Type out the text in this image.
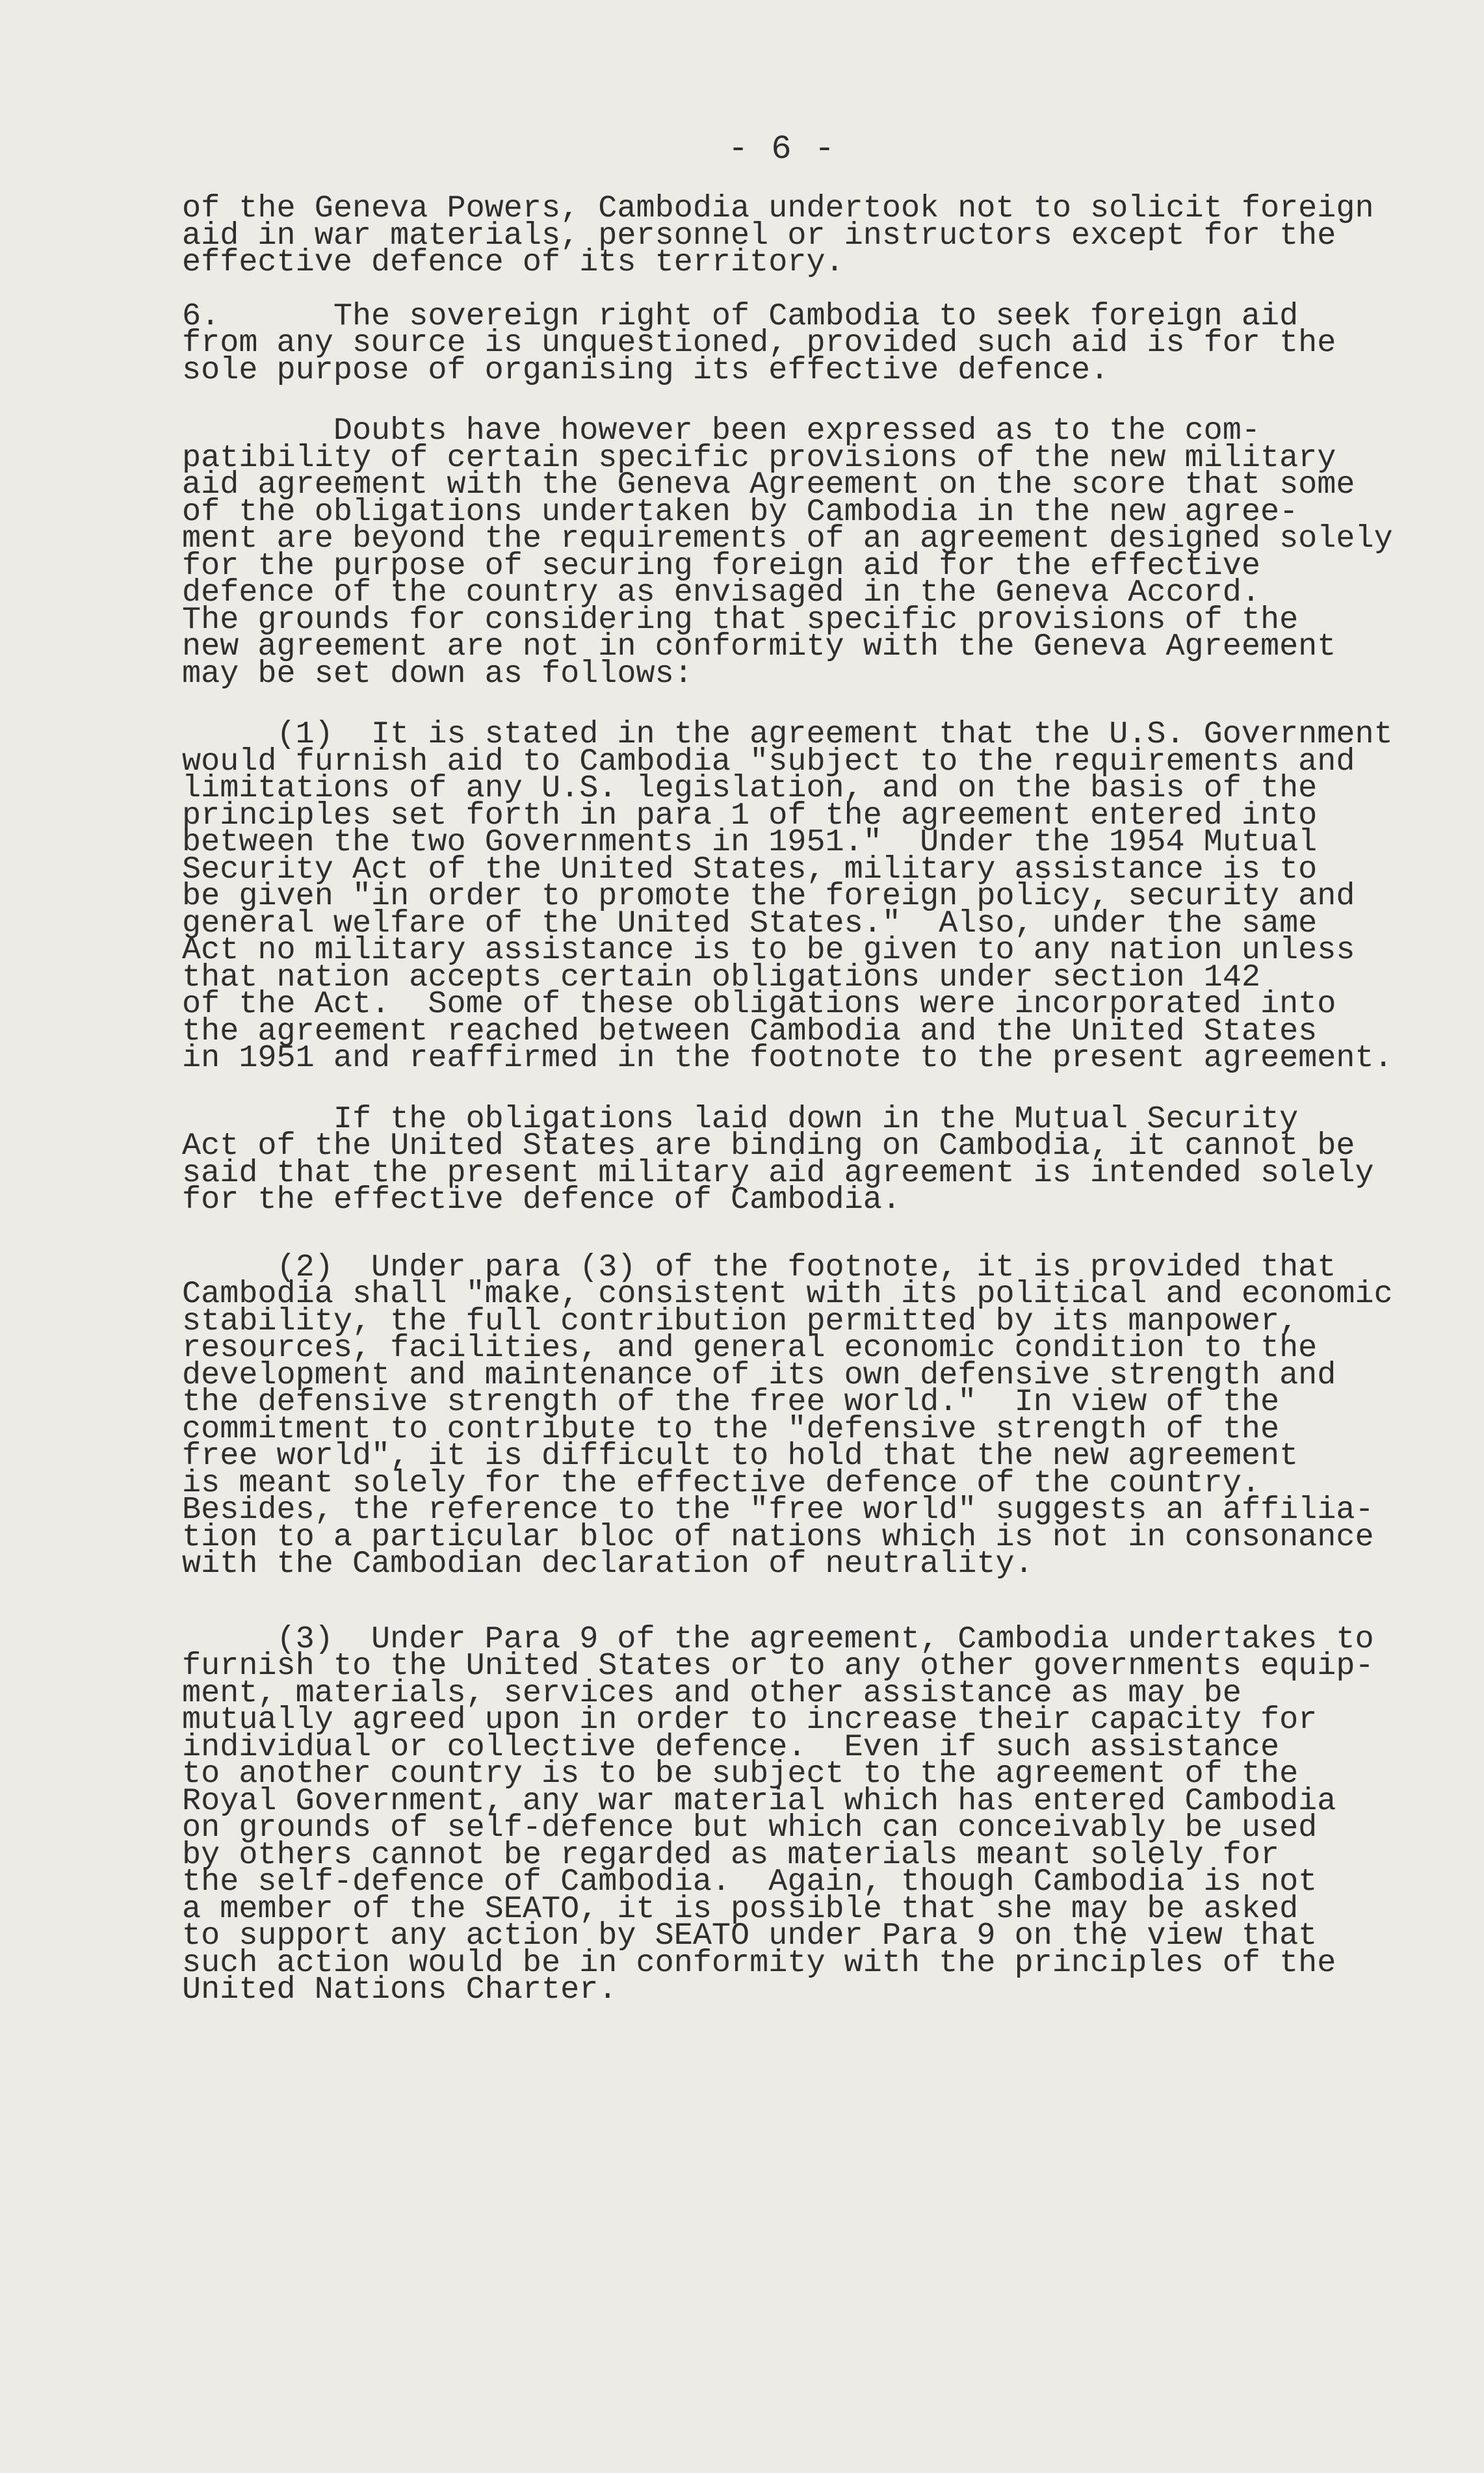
- 6 -
of the Geneva Powers, Cambodia undertook not to solicit foreign
aid in war materials, personnel or instructors except for the
effective defence of its territory.
6.      The sovereign right of Cambodia to seek foreign aid
from any source is unquestioned, provided such aid is for the
sole purpose of organising its effective defence.
Doubts have however been expressed as to the com-
patibility of certain specific provisions of the new military
aid agreement with the Geneva Agreement on the score that some
of the obligations undertaken by Cambodia in the new agree-
ment are beyond the requirements of an agreement designed solely
for the purpose of securing foreign aid for the effective
defence of the country as envisaged in the Geneva Accord.
The grounds for considering that specific provisions of the
new agreement are not in conformity with the Geneva Agreement
may be set down as follows:
(1)  It is stated in the agreement that the U.S. Government
would furnish aid to Cambodia "subject to the requirements and
limitations of any U.S. legislation, and on the basis of the
principles set forth in para 1 of the agreement entered into
between the two Governments in 1951."  Under the 1954 Mutual
Security Act of the United States, military assistance is to
be given "in order to promote the foreign policy, security and
general welfare of the United States."  Also, under the same
Act no military assistance is to be given to any nation unless
that nation accepts certain obligations under section 142
of the Act.  Some of these obligations were incorporated into
the agreement reached between Cambodia and the United States
in 1951 and reaffirmed in the footnote to the present agreement.
If the obligations laid down in the Mutual Security
Act of the United States are binding on Cambodia, it cannot be
said that the present military aid agreement is intended solely
for the effective defence of Cambodia.
(2)  Under para (3) of the footnote, it is provided that
Cambodia shall "make, consistent with its political and economic
stability, the full contribution permitted by its manpower,
resources, facilities, and general economic condition to the
development and maintenance of its own defensive strength and
the defensive strength of the free world."  In view of the
commitment to contribute to the "defensive strength of the
free world", it is difficult to hold that the new agreement
is meant solely for the effective defence of the country.
Besides, the reference to the "free world" suggests an affilia-
tion to a particular bloc of nations which is not in consonance
with the Cambodian declaration of neutrality.
(3)  Under Para 9 of the agreement, Cambodia undertakes to
furnish to the United States or to any other governments equip-
ment, materials, services and other assistance as may be
mutually agreed upon in order to increase their capacity for
individual or collective defence.  Even if such assistance
to another country is to be subject to the agreement of the
Royal Government, any war material which has entered Cambodia
on grounds of self-defence but which can conceivably be used
by others cannot be regarded as materials meant solely for
the self-defence of Cambodia.  Again, though Cambodia is not
a member of the SEATO, it is possible that she may be asked
to support any action by SEATO under Para 9 on the view that
such action would be in conformity with the principles of the
United Nations Charter.
